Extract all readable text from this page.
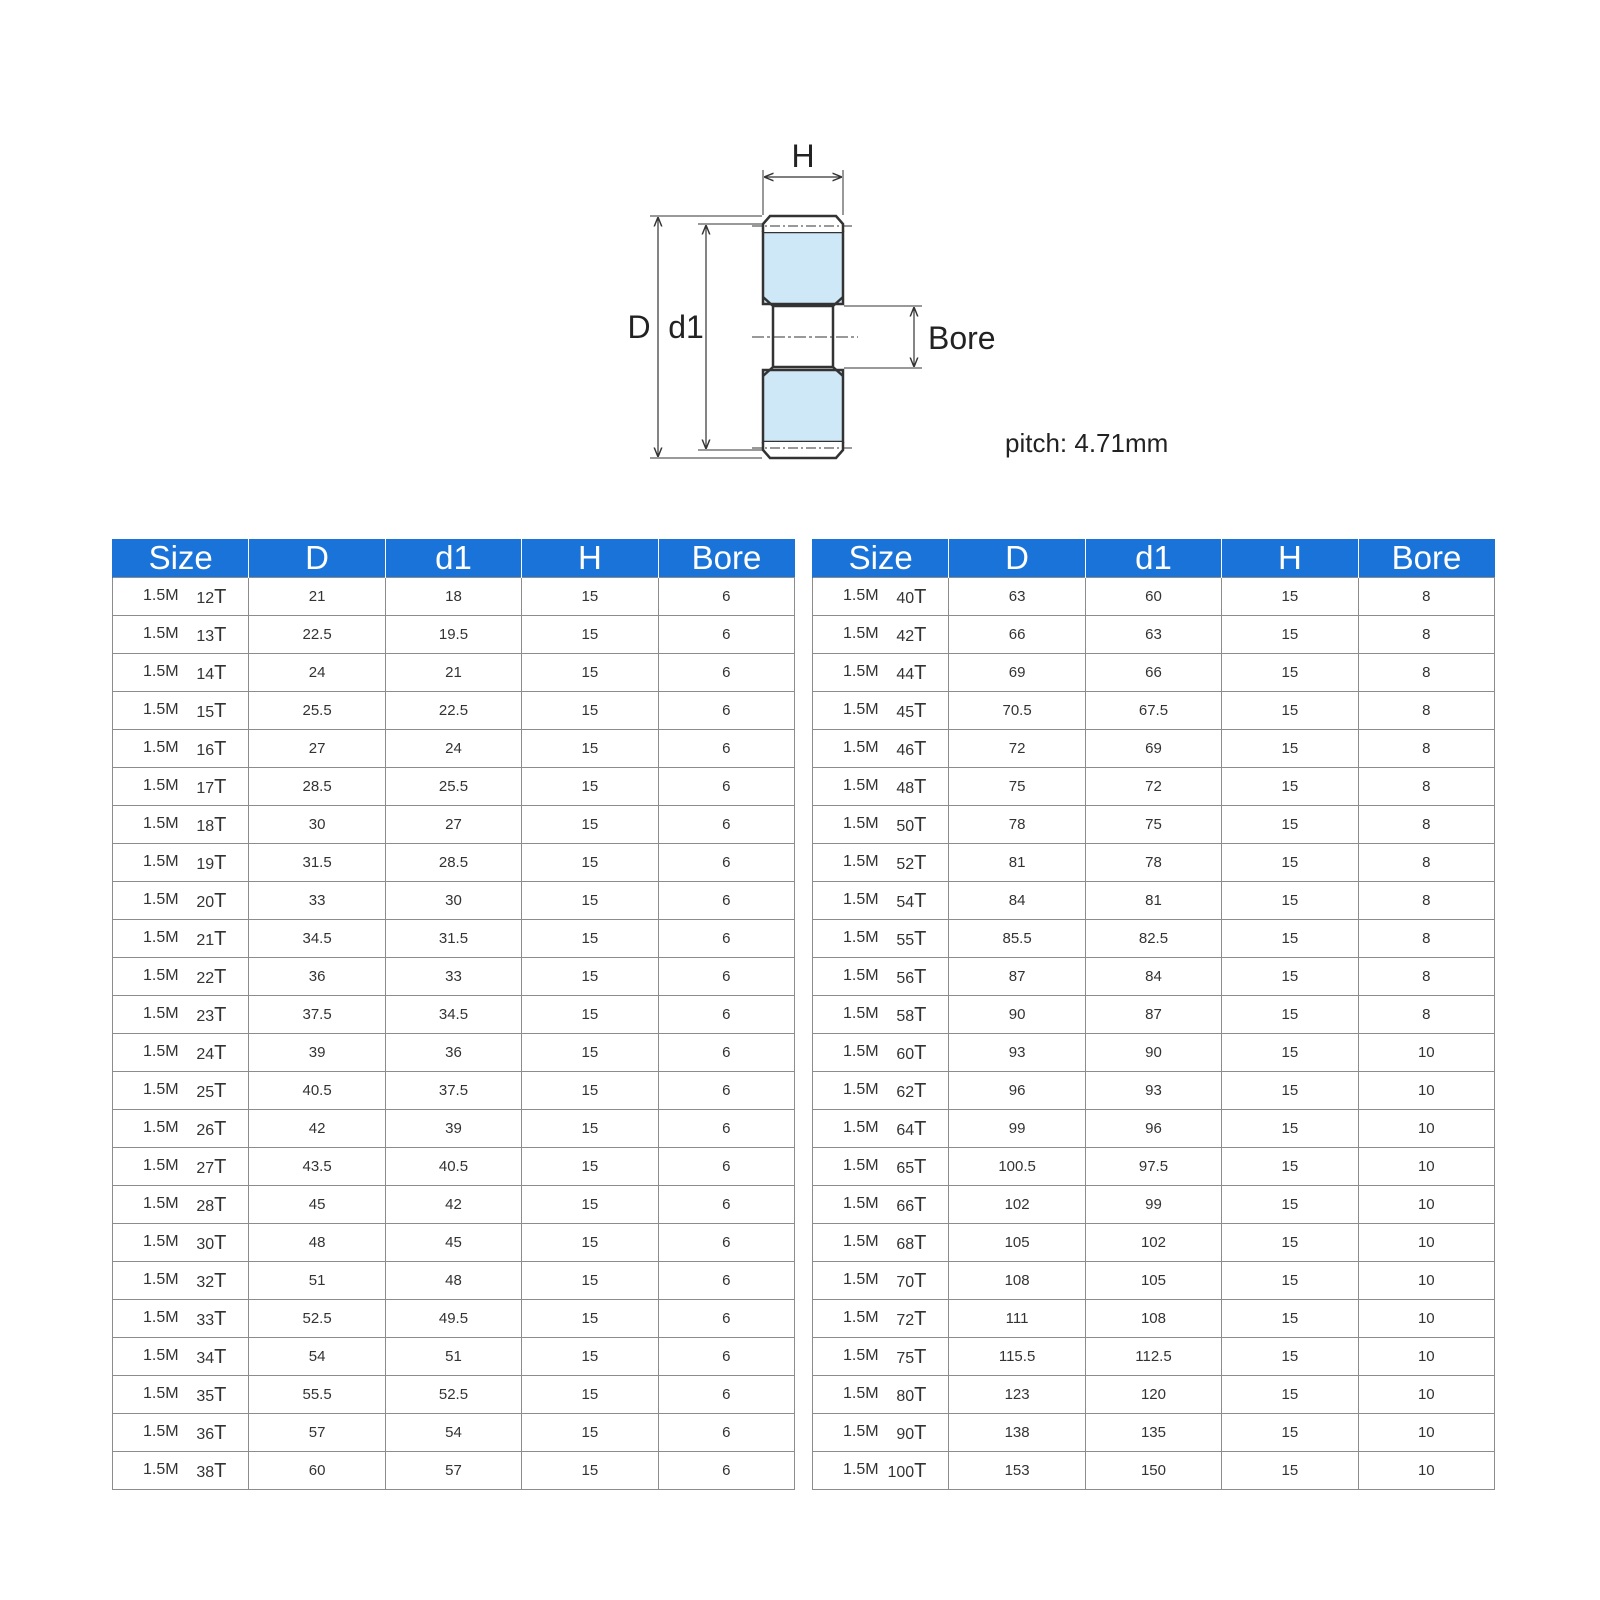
H
D d1	Bore
pitch: 4.71mm
Size	D	d1	H	Bore

1.5M 12T	21	18	15	6

1.5M 13T	22.5	19.5	15	6

1.5M 14T	24	21	15	6

1.5M 15T	25.5	22.5	15	6

1.5M 16T	27	24	15	6

1.5M 17T	28.5	25.5	15	6

1.5M 18T	30	27	15	6

1.5M 19T	31.5	28.5	15	6

1.5M 20T	33	30	15	6

1.5M 21T	34.5	31.5	15	6

1.5M 22T	36	33	15	6

1.5M 23T	37.5	34.5	15	6

1.5M 24T	39	36	15	6

1.5M 25T	40.5	37.5	15	6

1.5M 26T	42	39	15	6

1.5M 27T	43.5	40.5	15	6

1.5M 28T	45	42	15	6

1.5M 30T	48	45	15	6

1.5M 32T	51	48	15	6

1.5M 33T	52.5	49.5	15	6

1.5M 34T	54	51	15	6

1.5M 35T	55.5	52.5	15	6

1.5M 36T	57	54	15	6

1.5M 38T	60	57	15	6
Size	D	d1	H	Bore

1.5M 40T	63	60	15	8

1.5M 42T	66	63	15	8

1.5M 44T	69	66	15	8

1.5M 45T	70.5	67.5	15	8

1.5M 46T	72	69	15	8

1.5M 48T	75	72	15	8

1.5M 50T	78	75	15	8

1.5M 52T	81	78	15	8

1.5M 54T	84	81	15	8

1.5M 55T	85.5	82.5	15	8

1.5M 56T	87	84	15	8

1.5M 58T	90	87	15	8

1.5M 60T	93	90	15	10

1.5M 62T	96	93	15	10

1.5M 64T	99	96	15	10

1.5M 65T	100.5	97.5	15	10

1.5M 66T	102	99	15	10

1.5M 68T	105	102	15	10

1.5M 70T	108	105	15	10

1.5M 72T	111	108	15	10

1.5M 75T	115.5	112.5	15	10

1.5M 80T	123	120	15	10

1.5M 90T	138	135	15	10

1.5M 100T	153	150	15	10
